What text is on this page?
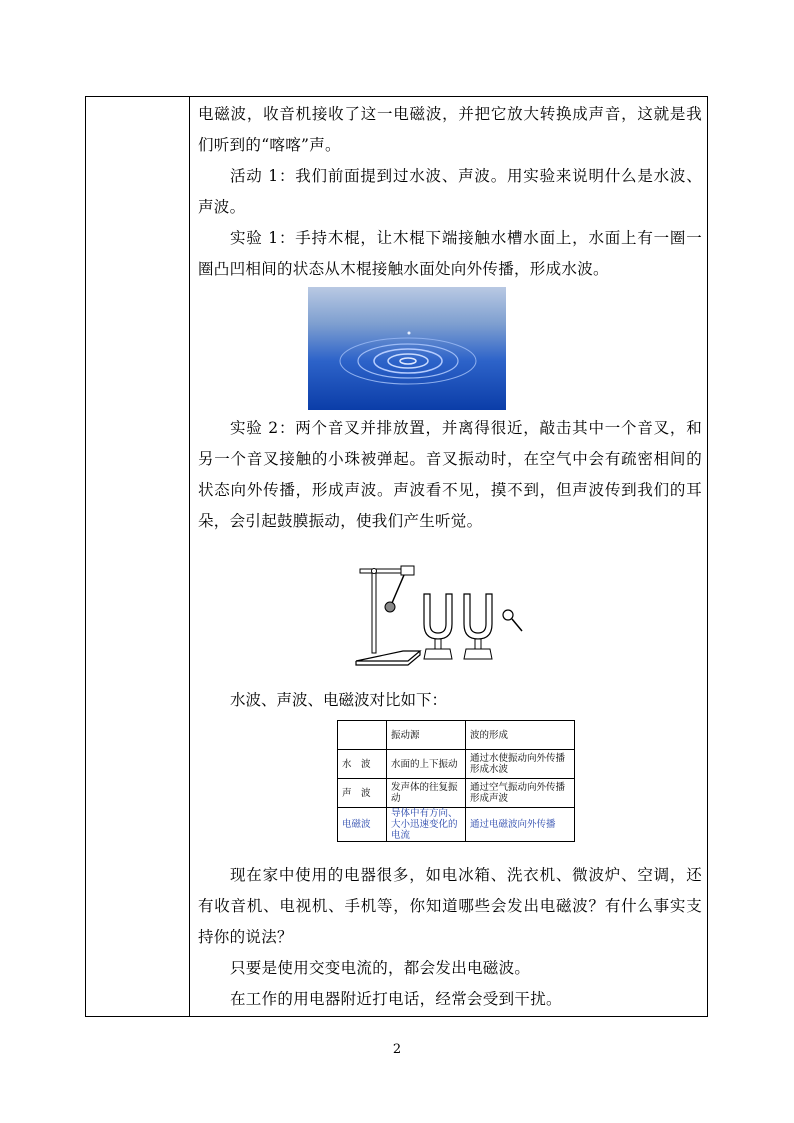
电磁波，收音机接收了这一电磁波，并把它放大转换成声音，这就是我们听到的“喀喀”声。

活动 1：我们前面提到过水波、声波。用实验来说明什么是水波、声波。

实验 1：手持木棍，让木棍下端接触水槽水面上，水面上有一圈一圈凸凹相间的状态从木棍接触水面处向外传播，形成水波。

实验 2：两个音叉并排放置，并离得很近，敲击其中一个音叉，和另一个音叉接触的小珠被弹起。音叉振动时，在空气中会有疏密相间的状态向外传播，形成声波。声波看不见，摸不到，但声波传到我们的耳朵，会引起鼓膜振动，使我们产生听觉。

水波、声波、电磁波对比如下：
	振动源	波的形成
水　波	水面的上下振动	通过水使振动向外传播形成水波
声　波	发声体的往复振动	通过空气振动向外传播形成声波
电磁波	导体中有方向、大小迅速变化的电流	通过电磁波向外传播

现在家中使用的电器很多，如电冰箱、洗衣机、微波炉、空调，还有收音机、电视机、手机等，你知道哪些会发出电磁波？有什么事实支持你的说法？

只要是使用交变电流的，都会发出电磁波。

在工作的用电器附近打电话，经常会受到干扰。

2
